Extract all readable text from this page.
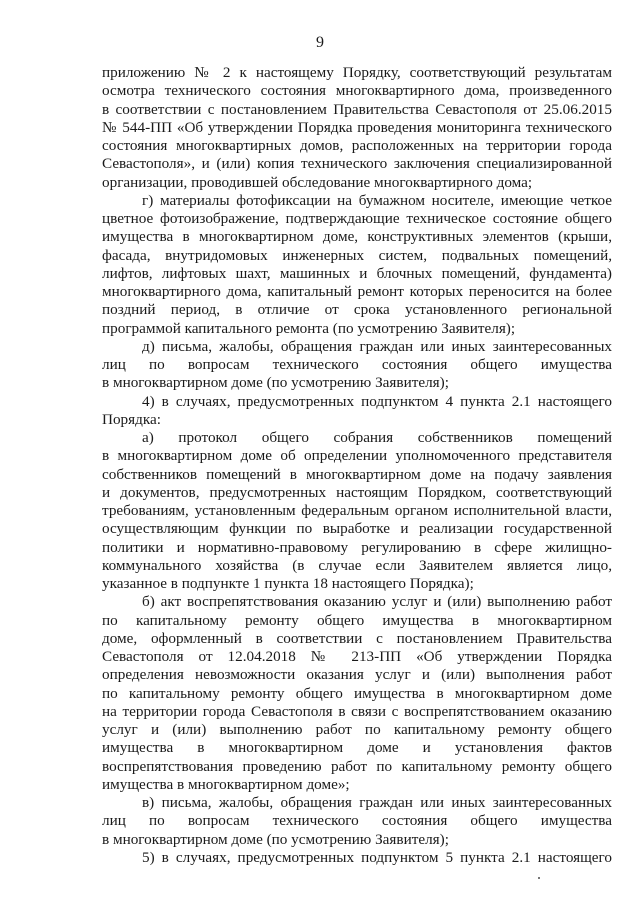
9
приложению № 2 к настоящему Порядку, соответствующий результатам
осмотра технического состояния многоквартирного дома, произведенного
в соответствии с постановлением Правительства Севастополя от 25.06.2015
№ 544-ПП «Об утверждении Порядка проведения мониторинга технического
состояния многоквартирных домов, расположенных на территории города
Севастополя», и (или) копия технического заключения специализированной
организации, проводившей обследование многоквартирного дома;
г) материалы фотофиксации на бумажном носителе, имеющие четкое
цветное фотоизображение, подтверждающие техническое состояние общего
имущества в многоквартирном доме, конструктивных элементов (крыши,
фасада, внутридомовых инженерных систем, подвальных помещений,
лифтов, лифтовых шахт, машинных и блочных помещений, фундамента)
многоквартирного дома, капитальный ремонт которых переносится на более
поздний период, в отличие от срока установленного региональной
программой капитального ремонта (по усмотрению Заявителя);
д) письма, жалобы, обращения граждан или иных заинтересованных
лиц по вопросам технического состояния общего имущества
в многоквартирном доме (по усмотрению Заявителя);
4) в случаях, предусмотренных подпунктом 4 пункта 2.1 настоящего
Порядка:
а) протокол общего собрания собственников помещений
в многоквартирном доме об определении уполномоченного представителя
собственников помещений в многоквартирном доме на подачу заявления
и документов, предусмотренных настоящим Порядком, соответствующий
требованиям, установленным федеральным органом исполнительной власти,
осуществляющим функции по выработке и реализации государственной
политики и нормативно-правовому регулированию в сфере жилищно-
коммунального хозяйства (в случае если Заявителем является лицо,
указанное в подпункте 1 пункта 18 настоящего Порядка);
б) акт воспрепятствования оказанию услуг и (или) выполнению работ
по капитальному ремонту общего имущества в многоквартирном
доме, оформленный в соответствии с постановлением Правительства
Севастополя от 12.04.2018 № 213-ПП «Об утверждении Порядка
определения невозможности оказания услуг и (или) выполнения работ
по капитальному ремонту общего имущества в многоквартирном доме
на территории города Севастополя в связи с воспрепятствованием оказанию
услуг и (или) выполнению работ по капитальному ремонту общего
имущества в многоквартирном доме и установления фактов
воспрепятствования проведению работ по капитальному ремонту общего
имущества в многоквартирном доме»;
в) письма, жалобы, обращения граждан или иных заинтересованных
лиц по вопросам технического состояния общего имущества
в многоквартирном доме (по усмотрению Заявителя);
5) в случаях, предусмотренных подпунктом 5 пункта 2.1 настоящего
